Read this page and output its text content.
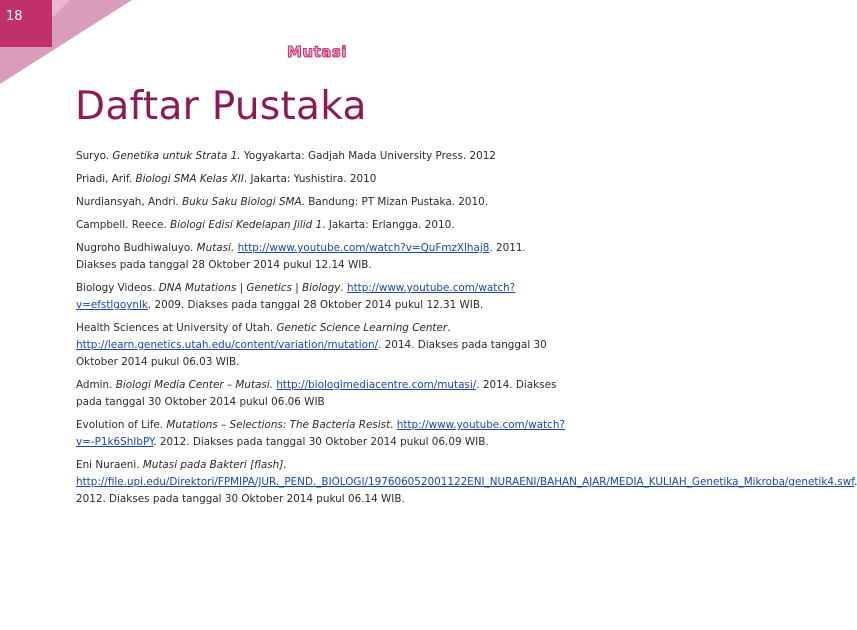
18
Mutasi
Daftar Pustaka
Suryo. Genetika untuk Strata 1. Yogyakarta: Gadjah Mada University Press. 2012
Priadi, Arif. Biologi SMA Kelas XII. Jakarta: Yushistira. 2010
Nurdiansyah, Andri. Buku Saku Biologi SMA. Bandung: PT Mizan Pustaka. 2010.
Campbell. Reece. Biologi Edisi Kedelapan Jilid 1. Jakarta: Erlangga. 2010.
Nugroho Budhiwaluyo. Mutasi. http://www.youtube.com/watch?v=QuFmzXlhaj8. 2011. Diakses pada tanggal 28 Oktober 2014 pukul 12.14 WIB.
Biology Videos. DNA Mutations | Genetics | Biology. http://www.youtube.com/watch?v=efstlgoynlk. 2009. Diakses pada tanggal 28 Oktober 2014 pukul 12.31 WIB.
Health Sciences at University of Utah. Genetic Science Learning Center. http://learn.genetics.utah.edu/content/variation/mutation/. 2014. Diakses pada tanggal 30 Oktober 2014 pukul 06.03 WIB.
Admin. Biologi Media Center – Mutasi. http://biologimediacentre.com/mutasi/. 2014. Diakses pada tanggal 30 Oktober 2014 pukul 06.06 WIB
Evolution of Life. Mutations – Selections: The Bacteria Resist. http://www.youtube.com/watch?v=-P1k6ShIbPY. 2012. Diakses pada tanggal 30 Oktober 2014 pukul 06.09 WIB.
Eni Nuraeni. Mutasi pada Bakteri [flash]. http://file.upi.edu/Direktori/FPMIPA/JUR._PEND._BIOLOGI/197606052001122ENI_NURAENI/BAHAN_AJAR/MEDIA_KULIAH_Genetika_Mikroba/genetik4.swf 2012. Diakses pada tanggal 30 Oktober 2014 pukul 06.14 WIB.
